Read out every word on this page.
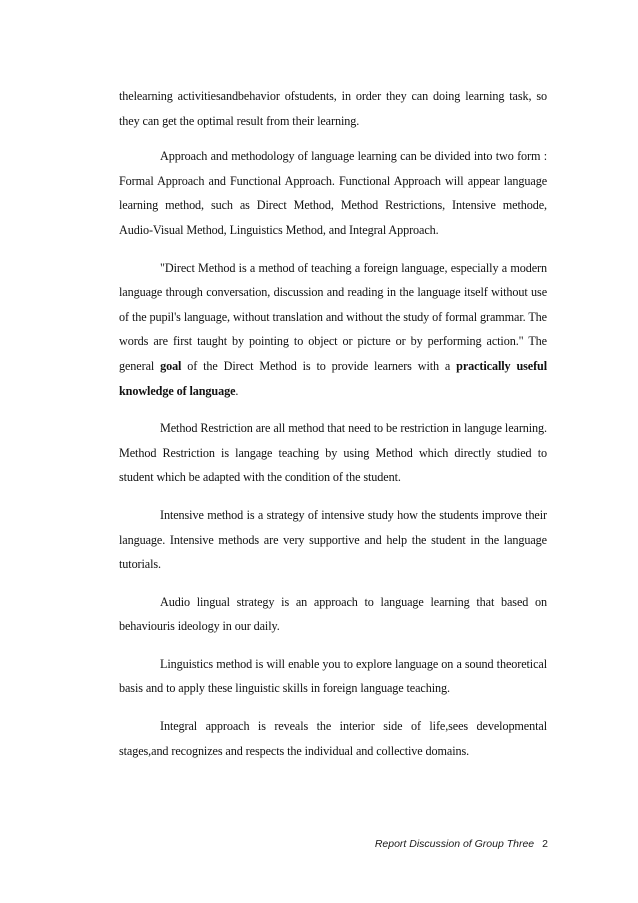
thelearning activitiesandbehavior ofstudents, in order they can doing learning task, so they can get the optimal result from their learning.

Approach and methodology of language learning can be divided into two form : Formal Approach and Functional Approach. Functional Approach will appear language learning method, such as Direct Method, Method Restrictions, Intensive methode, Audio-Visual Method, Linguistics Method, and Integral Approach.

"Direct Method is a method of teaching a foreign language, especially a modern language through conversation, discussion and reading in the language itself without use of the pupil's language, without translation and without the study of formal grammar. The words are first taught by pointing to object or picture or by performing action." The general goal of the Direct Method is to provide learners with a practically useful knowledge of language.

Method Restriction are all method that need to be restriction in languge learning. Method Restriction is langage teaching by using Method which directly studied to student which be adapted with the condition of the student.

Intensive method is a strategy of intensive study how the students improve their language. Intensive methods are very supportive and help the student in the language tutorials.

Audio lingual strategy is an approach to language learning that based on behaviouris ideology in our daily.

Linguistics method is will enable you to explore language on a sound theoretical basis and to apply these linguistic skills in foreign language teaching.

Integral approach is reveals the interior side of life,sees developmental stages,and recognizes and respects the individual and collective domains.

Report Discussion of Group Three 2
